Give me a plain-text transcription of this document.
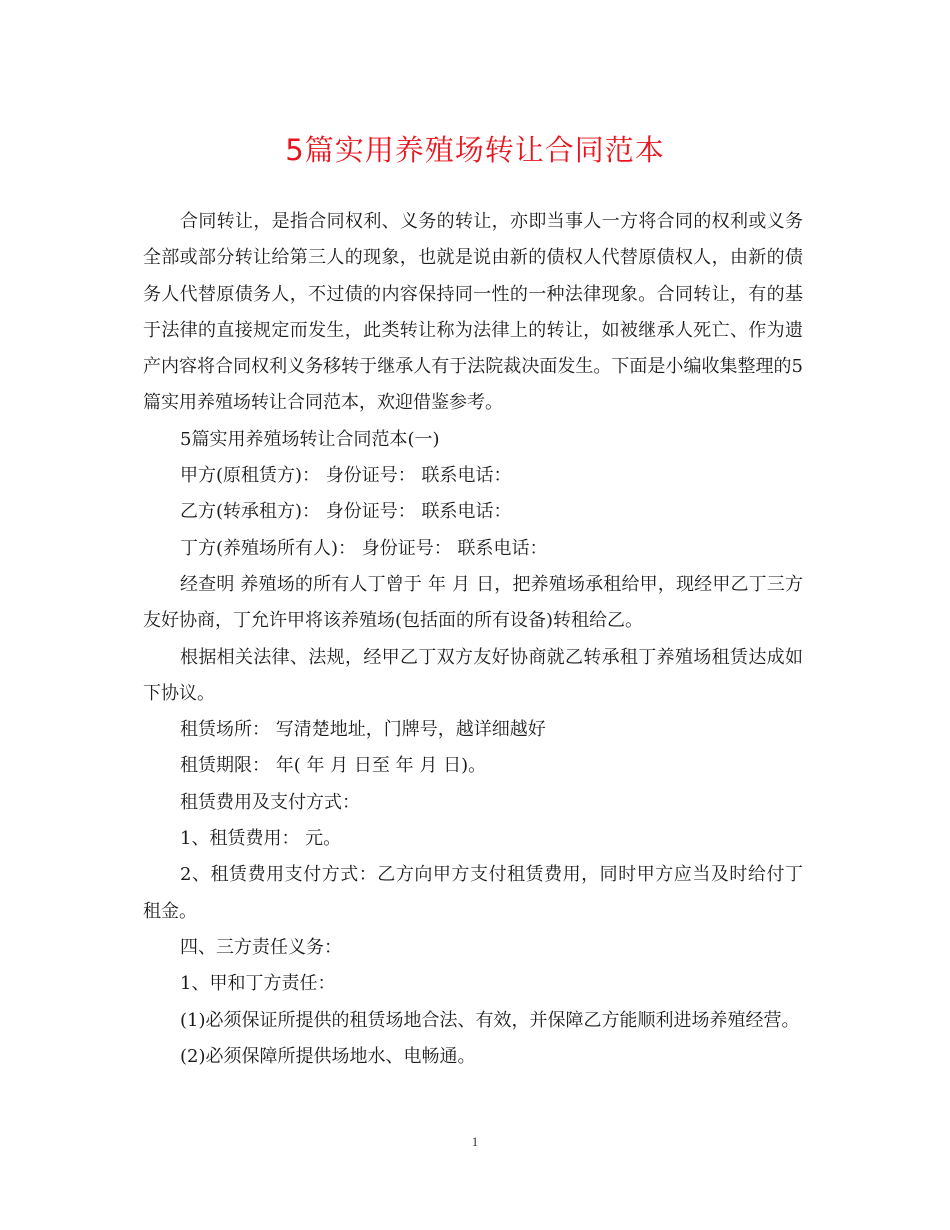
5篇实用养殖场转让合同范本

合同转让，是指合同权利、义务的转让，亦即当事人一方将合同的权利或义务全部或部分转让给第三人的现象，也就是说由新的债权人代替原债权人，由新的债务人代替原债务人，不过债的内容保持同一性的一种法律现象。合同转让，有的基于法律的直接规定而发生，此类转让称为法律上的转让，如被继承人死亡、作为遗产内容将合同权利义务移转于继承人有于法院裁决面发生。下面是小编收集整理的5篇实用养殖场转让合同范本，欢迎借鉴参考。

5篇实用养殖场转让合同范本(一)

甲方(原租赁方)： 身份证号： 联系电话：

乙方(转承租方)： 身份证号： 联系电话：

丁方(养殖场所有人)： 身份证号： 联系电话：

经查明 养殖场的所有人丁曾于 年 月 日，把养殖场承租给甲，现经甲乙丁三方友好协商，丁允许甲将该养殖场(包括面的所有设备)转租给乙。

根据相关法律、法规，经甲乙丁双方友好协商就乙转承租丁养殖场租赁达成如下协议。

租赁场所： 写清楚地址，门牌号，越详细越好

租赁期限： 年( 年 月 日至 年 月 日)。

租赁费用及支付方式：

1、租赁费用： 元。

2、租赁费用支付方式：乙方向甲方支付租赁费用，同时甲方应当及时给付丁租金。

四、三方责任义务：

1、甲和丁方责任：

(1)必须保证所提供的租赁场地合法、有效，并保障乙方能顺利进场养殖经营。

(2)必须保障所提供场地水、电畅通。

1
